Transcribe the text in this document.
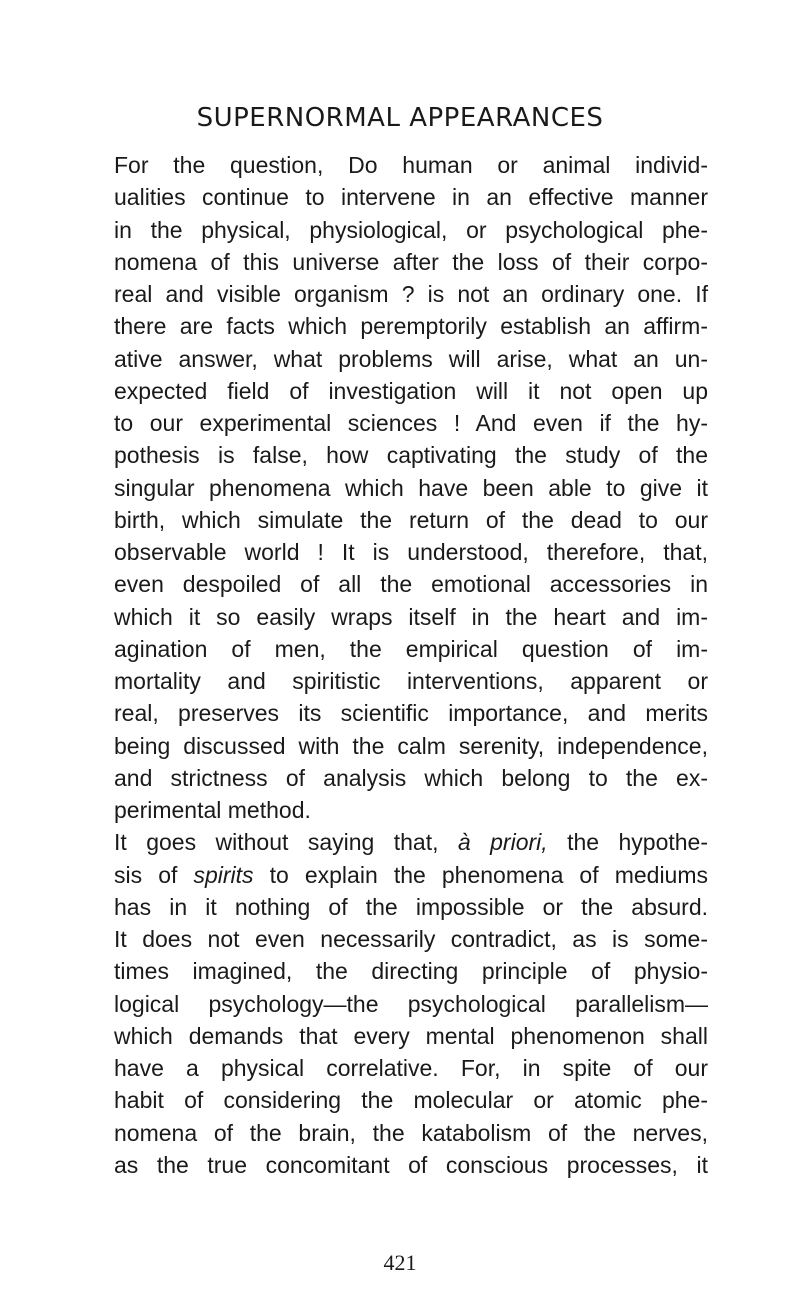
SUPERNORMAL APPEARANCES
For the question, Do human or animal individ-
ualities continue to intervene in an effective manner
in the physical, physiological, or psychological phe-
nomena of this universe after the loss of their corpo-
real and visible organism ? is not an ordinary one. If
there are facts which peremptorily establish an affirm-
ative answer, what problems will arise, what an un-
expected field of investigation will it not open up
to our experimental sciences ! And even if the hy-
pothesis is false, how captivating the study of the
singular phenomena which have been able to give it
birth, which simulate the return of the dead to our
observable world ! It is understood, therefore, that,
even despoiled of all the emotional accessories in
which it so easily wraps itself in the heart and im-
agination of men, the empirical question of im-
mortality and spiritistic interventions, apparent or
real, preserves its scientific importance, and merits
being discussed with the calm serenity, independence,
and strictness of analysis which belong to the ex-
perimental method.
It goes without saying that, à priori, the hypothe-
sis of spirits to explain the phenomena of mediums
has in it nothing of the impossible or the absurd.
It does not even necessarily contradict, as is some-
times imagined, the directing principle of physio-
logical psychology—the psychological parallelism—
which demands that every mental phenomenon shall
have a physical correlative. For, in spite of our
habit of considering the molecular or atomic phe-
nomena of the brain, the katabolism of the nerves,
as the true concomitant of conscious processes, it
421
